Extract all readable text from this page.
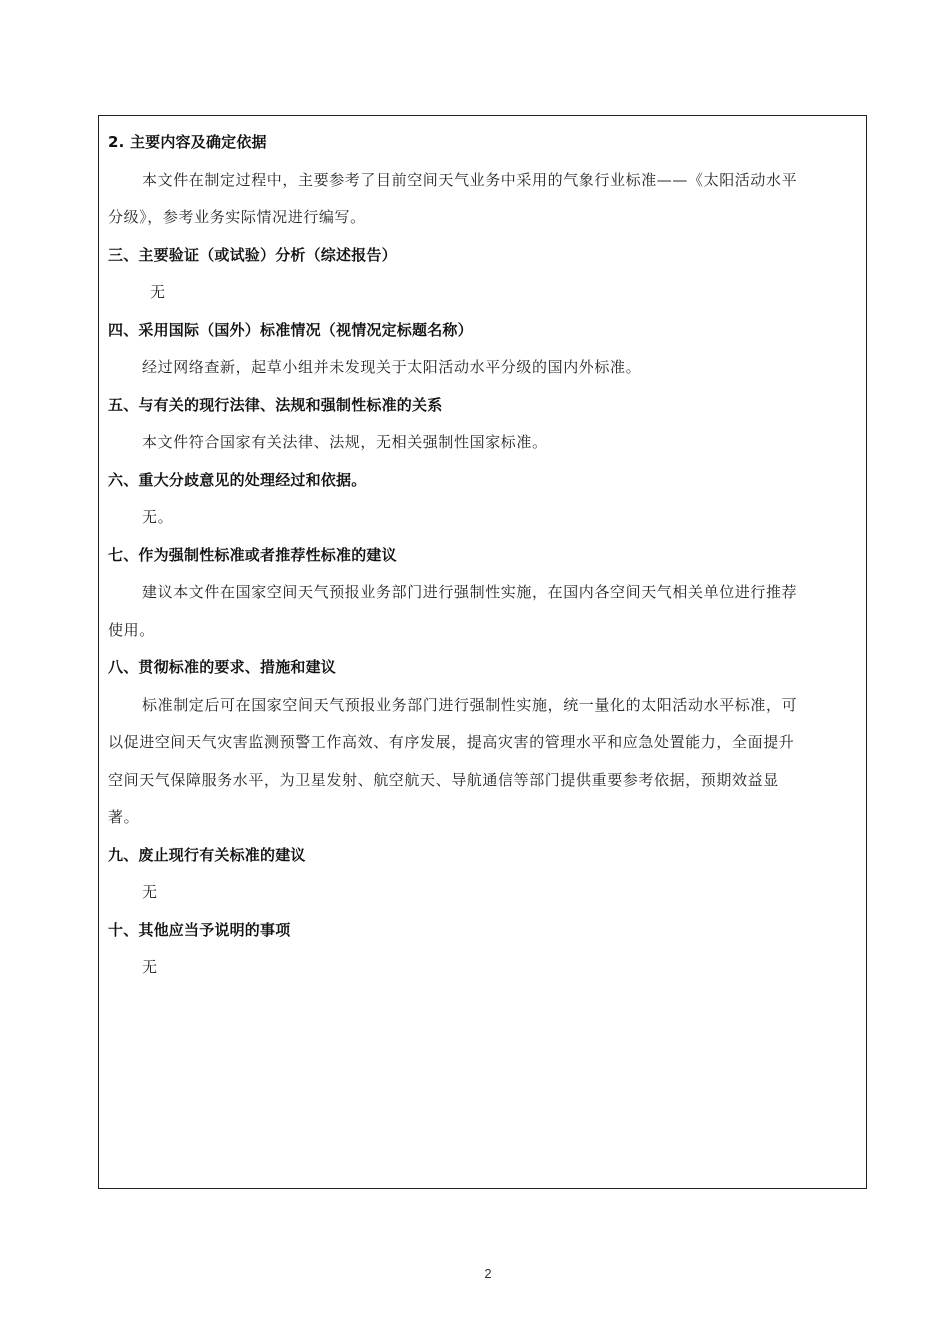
2. 主要内容及确定依据
本文件在制定过程中，主要参考了目前空间天气业务中采用的气象行业标准——《太阳活动水平
分级》，参考业务实际情况进行编写。
三、主要验证（或试验）分析（综述报告）
无
四、采用国际（国外）标准情况（视情况定标题名称）
经过网络查新，起草小组并未发现关于太阳活动水平分级的国内外标准。
五、与有关的现行法律、法规和强制性标准的关系
本文件符合国家有关法律、法规，无相关强制性国家标准。
六、重大分歧意见的处理经过和依据。
无。
七、作为强制性标准或者推荐性标准的建议
建议本文件在国家空间天气预报业务部门进行强制性实施，在国内各空间天气相关单位进行推荐
使用。
八、贯彻标准的要求、措施和建议
标准制定后可在国家空间天气预报业务部门进行强制性实施，统一量化的太阳活动水平标准，可
以促进空间天气灾害监测预警工作高效、有序发展，提高灾害的管理水平和应急处置能力，全面提升
空间天气保障服务水平，为卫星发射、航空航天、导航通信等部门提供重要参考依据，预期效益显
著。
九、废止现行有关标准的建议
无
十、其他应当予说明的事项
无
2
